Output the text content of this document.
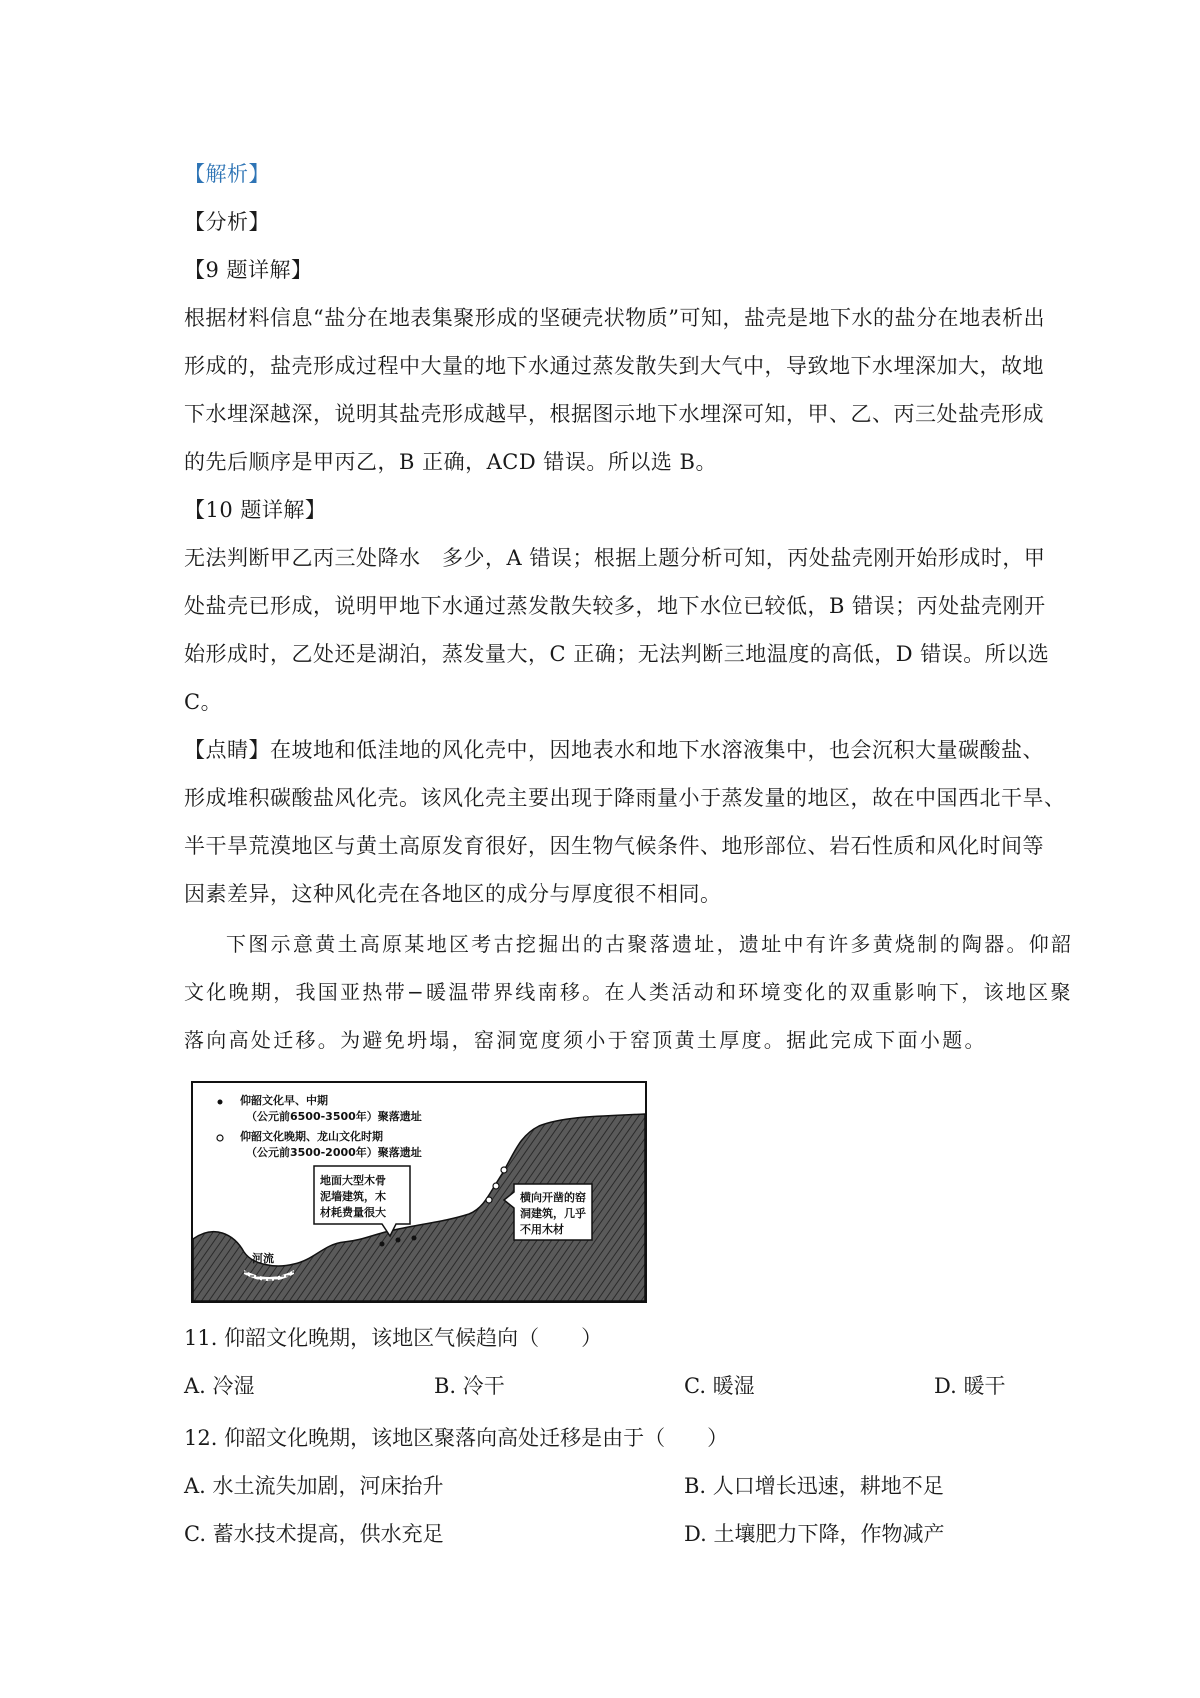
【解析】
【分析】
【9 题详解】
根据材料信息“盐分在地表集聚形成的坚硬壳状物质”可知，盐壳是地下水的盐分在地表析出
形成的，盐壳形成过程中大量的地下水通过蒸发散失到大气中，导致地下水埋深加大，故地
下水埋深越深，说明其盐壳形成越早，根据图示地下水埋深可知，甲、乙、丙三处盐壳形成
的先后顺序是甲丙乙，B 正确，ACD 错误。所以选 B。
【10 题详解】
无法判断甲乙丙三处降水　多少，A 错误；根据上题分析可知，丙处盐壳刚开始形成时，甲
处盐壳已形成，说明甲地下水通过蒸发散失较多，地下水位已较低，B 错误；丙处盐壳刚开
始形成时，乙处还是湖泊，蒸发量大，C 正确；无法判断三地温度的高低，D 错误。所以选
C。
【点睛】在坡地和低洼地的风化壳中，因地表水和地下水溶液集中，也会沉积大量碳酸盐、
形成堆积碳酸盐风化壳。该风化壳主要出现于降雨量小于蒸发量的地区，故在中国西北干旱、
半干旱荒漠地区与黄土高原发育很好，因生物气候条件、地形部位、岩石性质和风化时间等
因素差异，这种风化壳在各地区的成分与厚度很不相同。
下图示意黄土高原某地区考古挖掘出的古聚落遗址，遗址中有许多黄烧制的陶器。仰韶
文化晚期，我国亚热带−暖温带界线南移。在人类活动和环境变化的双重影响下，该地区聚
落向高处迁移。为避免坍塌，窑洞宽度须小于窑顶黄土厚度。据此完成下面小题。
河流
仰韶文化早、中期
（公元前6500-3500年）聚落遗址
仰韶文化晚期、龙山文化时期
（公元前3500-2000年）聚落遗址
地面大型木骨
泥墙建筑，木
材耗费量很大
横向开凿的窑
洞建筑，几乎
不用木材
11. 仰韶文化晚期，该地区气候趋向（　　）
A. 冷湿	B. 冷干	C. 暖湿	D. 暖干
12. 仰韶文化晚期，该地区聚落向高处迁移是由于（　　）
A. 水土流失加剧，河床抬升	B. 人口增长迅速，耕地不足
C. 蓄水技术提高，供水充足	D. 土壤肥力下降，作物减产
